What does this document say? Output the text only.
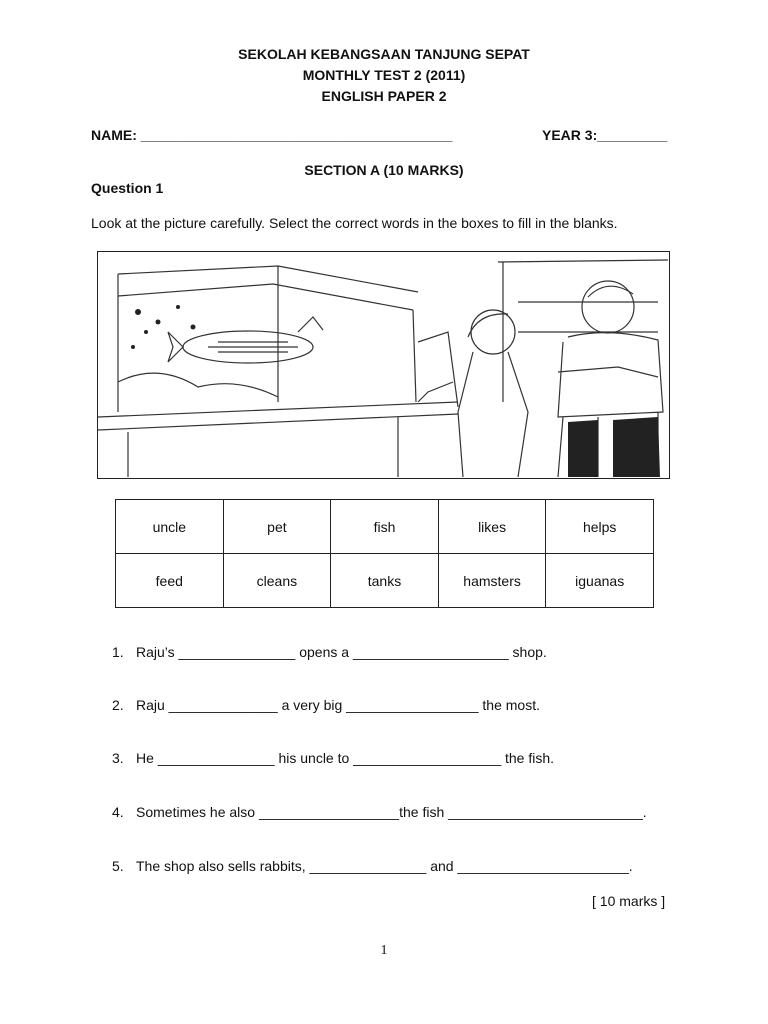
SEKOLAH KEBANGSAAN TANJUNG SEPAT
MONTHLY TEST 2 (2011)
ENGLISH PAPER 2
NAME: ________________________________________	YEAR 3:_________
SECTION A (10 MARKS)
Question 1
Look at the picture carefully. Select the correct words in the boxes to fill in the blanks.
uncle	pet	fish	likes	helps
feed	cleans	tanks	hamsters	iguanas
1. Raju’s _______________ opens a ____________________ shop.
2. Raju ______________ a very big _________________ the most.
3. He _______________ his uncle to ___________________ the fish.
4. Sometimes he also __________________the fish _________________________.
5. The shop also sells rabbits, _______________ and ______________________.
[ 10 marks ]
1
